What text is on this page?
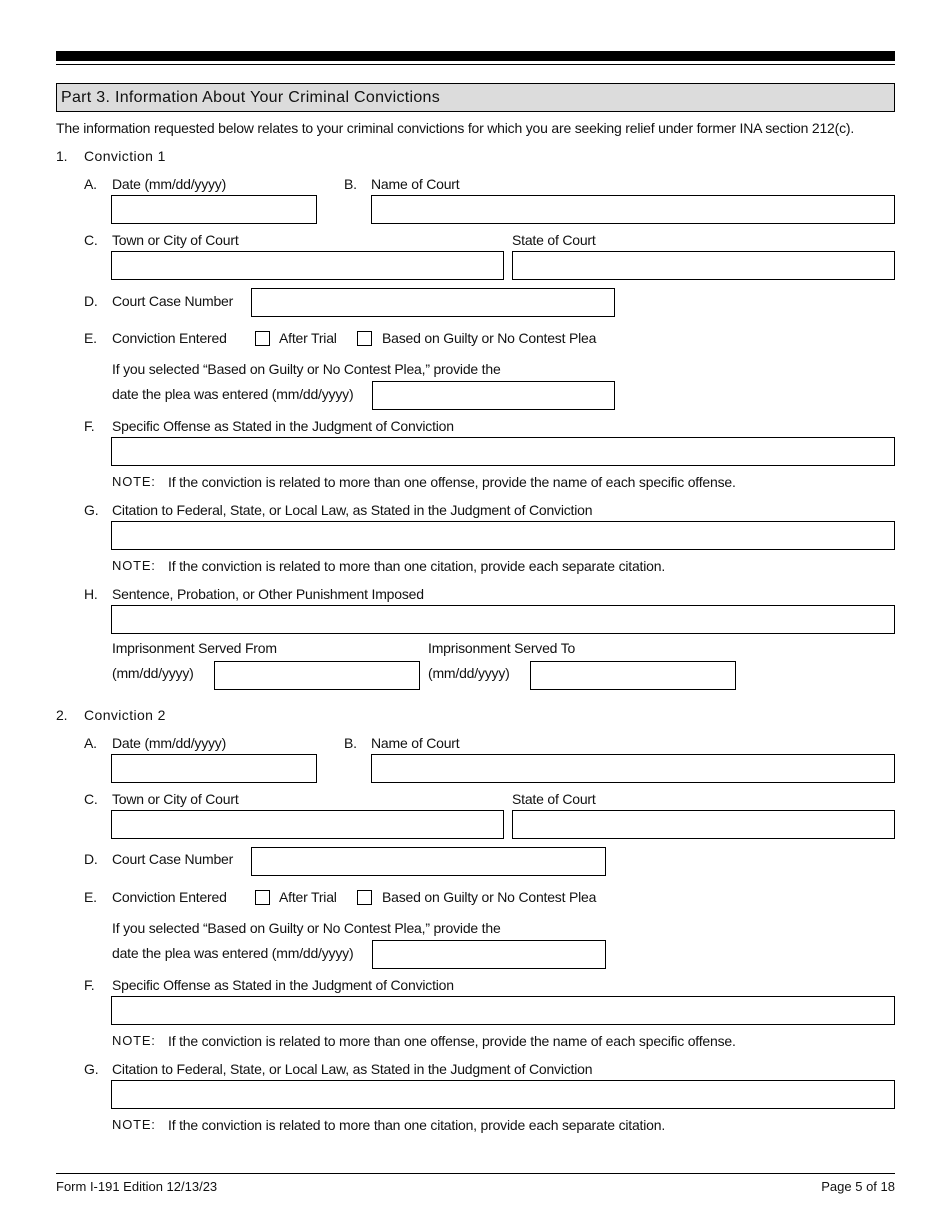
Part 3. Information About Your Criminal Convictions
The information requested below relates to your criminal convictions for which you are seeking relief under former INA section 212(c).
1. Conviction 1
A. Date (mm/dd/yyyy)	B. Name of Court
C. Town or City of Court	State of Court
D. Court Case Number
E. Conviction Entered	After Trial	Based on Guilty or No Contest Plea
If you selected “Based on Guilty or No Contest Plea,” provide the
date the plea was entered (mm/dd/yyyy)
F. Specific Offense as Stated in the Judgment of Conviction
NOTE: If the conviction is related to more than one offense, provide the name of each specific offense.
G. Citation to Federal, State, or Local Law, as Stated in the Judgment of Conviction
NOTE: If the conviction is related to more than one citation, provide each separate citation.
H. Sentence, Probation, or Other Punishment Imposed
Imprisonment Served From
(mm/dd/yyyy)
Imprisonment Served To
(mm/dd/yyyy)
2. Conviction 2
A. Date (mm/dd/yyyy)	B. Name of Court
C. Town or City of Court	State of Court
D. Court Case Number
E. Conviction Entered	After Trial	Based on Guilty or No Contest Plea
If you selected “Based on Guilty or No Contest Plea,” provide the
date the plea was entered (mm/dd/yyyy)
F. Specific Offense as Stated in the Judgment of Conviction
NOTE: If the conviction is related to more than one offense, provide the name of each specific offense.
G. Citation to Federal, State, or Local Law, as Stated in the Judgment of Conviction
NOTE: If the conviction is related to more than one citation, provide each separate citation.
Form I-191 Edition 12/13/23	Page 5 of 18
